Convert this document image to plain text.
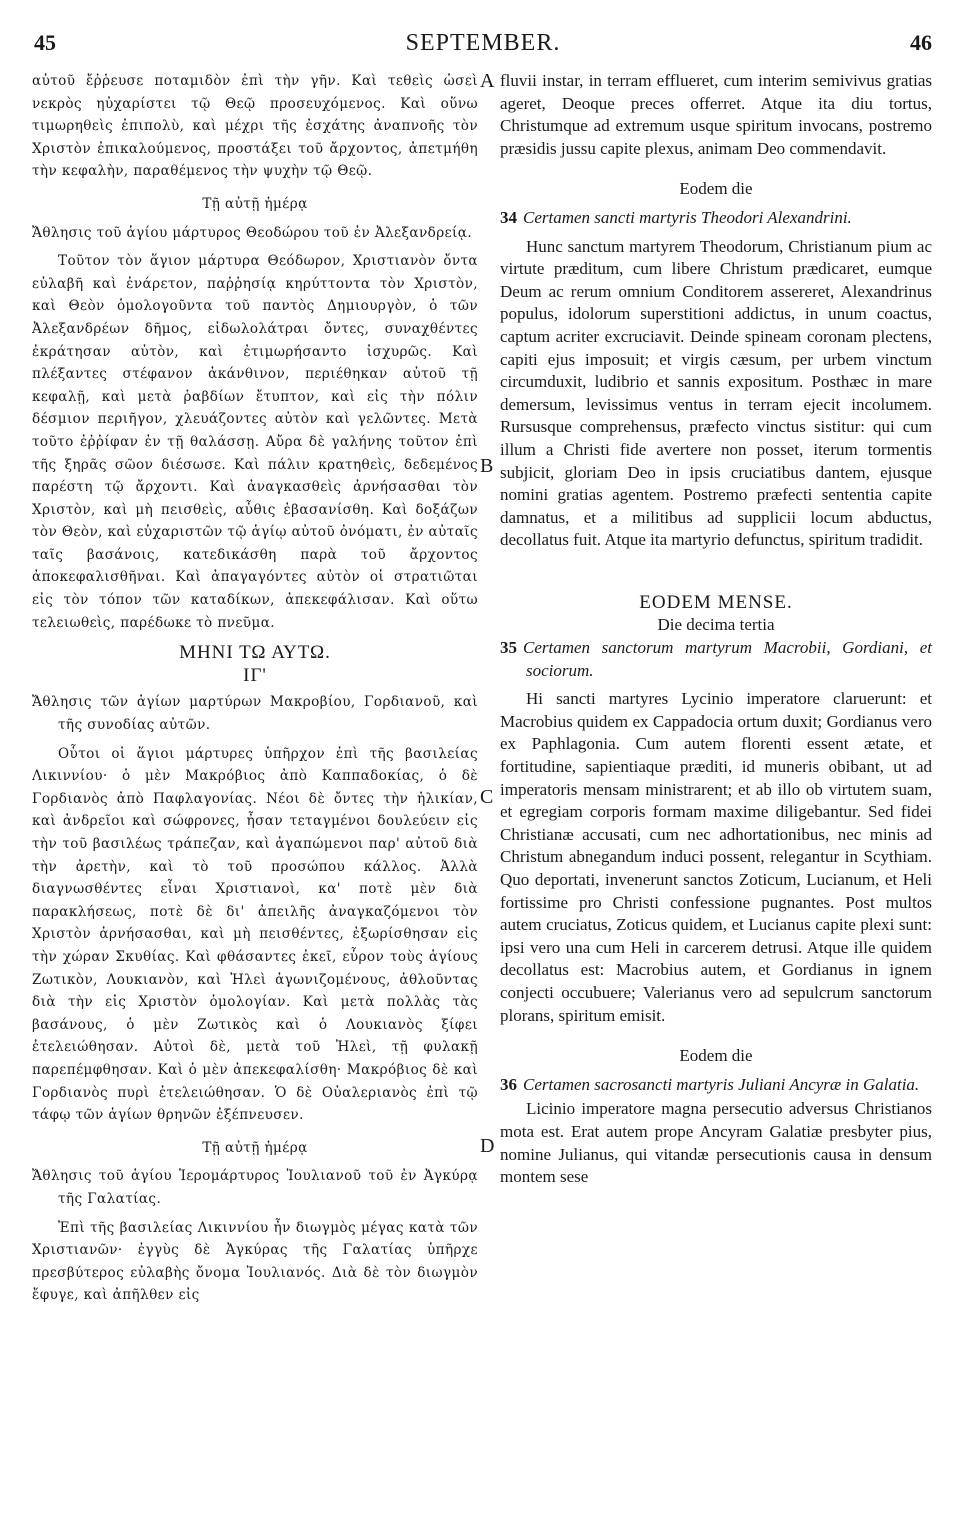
45	SEPTEMBER.	46
A
B
C
D

αὐτοῦ ἔῤῥευσε ποταμιδὸν ἐπὶ τὴν γῆν. Καὶ τεθεὶς ὡσεὶ νεκρὸς ηὐχαρίστει τῷ Θεῷ προσευχόμενος. Καὶ οὕνω τιμωρηθεὶς ἐπιπολὺ, καὶ μέχρι τῆς ἐσχάτης ἀναπνοῆς τὸν Χριστὸν ἐπικαλούμενος, προστάξει τοῦ ἄρχοντος, ἀπετμήθη τὴν κεφαλὴν, παραθέμενος τὴν ψυχὴν τῷ Θεῷ.

Τῇ αὐτῇ ἡμέρᾳ

Ἄθλησις τοῦ ἁγίου μάρτυρος Θεοδώρου τοῦ ἐν Ἀλεξανδρείᾳ.

Τοῦτον τὸν ἅγιον μάρτυρα Θεόδωρον, Χριστιανὸν ὄντα εὐλαβῆ καὶ ἐνάρετον, παῤῥησίᾳ κηρύττοντα τὸν Χριστὸν, καὶ Θεὸν ὁμολογοῦντα τοῦ παντὸς Δημιουργὸν, ὁ τῶν Ἀλεξανδρέων δῆμος, εἰδωλολάτραι ὄντες, συναχθέντες ἐκράτησαν αὐτὸν, καὶ ἐτιμωρήσαντο ἰσχυρῶς. Καὶ πλέξαντες στέφανον ἀκάνθινον, περιέθηκαν αὐτοῦ τῇ κεφαλῇ, καὶ μετὰ ῥαβδίων ἔτυπτον, καὶ εἰς τὴν πόλιν δέσμιον περιῆγον, χλευάζοντες αὐτὸν καὶ γελῶντες. Μετὰ τοῦτο ἐῤῥίφαν ἐν τῇ θαλάσσῃ. Αὔρα δὲ γαλήνης τοῦτον ἐπὶ τῆς ξηρᾶς σῶον διέσωσε. Καὶ πάλιν κρατηθεὶς, δεδεμένος παρέστη τῷ ἄρχοντι. Καὶ ἀναγκασθεὶς ἀρνήσασθαι τὸν Χριστὸν, καὶ μὴ πεισθεὶς, αὖθις ἐβασανίσθη. Καὶ δοξάζων τὸν Θεὸν, καὶ εὐχαριστῶν τῷ ἁγίῳ αὐτοῦ ὀνόματι, ἐν αὐταῖς ταῖς βασάνοις, κατεδικάσθη παρὰ τοῦ ἄρχοντος ἀποκεφαλισθῆναι. Καὶ ἀπαγαγόντες αὐτὸν οἱ στρατιῶται εἰς τὸν τόπον τῶν καταδίκων, ἀπεκεφάλισαν. Καὶ οὕτω τελειωθεὶς, παρέδωκε τὸ πνεῦμα.

ΜΗΝΙ ΤΩ ΑΥΤΩ.

ΙΓ'

Ἄθλησις τῶν ἁγίων μαρτύρων Μακροβίου, Γορδιανοῦ, καὶ τῆς συνοδίας αὐτῶν.

Οὗτοι οἱ ἅγιοι μάρτυρες ὑπῆρχον ἐπὶ τῆς βασιλείας Λικιννίου· ὁ μὲν Μακρόβιος ἀπὸ Καππαδοκίας, ὁ δὲ Γορδιανὸς ἀπὸ Παφλαγονίας. Νέοι δὲ ὄντες τὴν ἡλικίαν, καὶ ἀνδρεῖοι καὶ σώφρονες, ἦσαν τεταγμένοι δουλεύειν εἰς τὴν τοῦ βασιλέως τράπεζαν, καὶ ἀγαπώμενοι παρ' αὐτοῦ διὰ τὴν ἀρετὴν, καὶ τὸ τοῦ προσώπου κάλλος. Ἀλλὰ διαγνωσθέντες εἶναι Χριστιανοὶ, κα' ποτὲ μὲν διὰ παρακλήσεως, ποτὲ δὲ δι' ἀπειλῆς ἀναγκαζόμενοι τὸν Χριστὸν ἀρνήσασθαι, καὶ μὴ πεισθέντες, ἐξωρίσθησαν εἰς τὴν χώραν Σκυθίας. Καὶ φθάσαντες ἐκεῖ, εὗρον τοὺς ἁγίους Ζωτικὸν, Λουκιανὸν, καὶ Ἠλεὶ ἀγωνιζομένους, ἀθλοῦντας διὰ τὴν εἰς Χριστὸν ὁμολογίαν. Καὶ μετὰ πολλὰς τὰς βασάνους, ὁ μὲν Ζωτικὸς καὶ ὁ Λουκιανὸς ξίφει ἐτελειώθησαν. Αὐτοὶ δὲ, μετὰ τοῦ Ἠλεὶ, τῇ φυλακῇ παρεπέμφθησαν. Καὶ ὁ μὲν ἀπεκεφαλίσθη· Μακρόβιος δὲ καὶ Γορδιανὸς πυρὶ ἐτελειώθησαν. Ὁ δὲ Οὐαλεριανὸς ἐπὶ τῷ τάφῳ τῶν ἁγίων θρηνῶν ἐξέπνευσεν.

Τῇ αὐτῇ ἡμέρᾳ

Ἄθλησις τοῦ ἁγίου Ἱερομάρτυρος Ἰουλιανοῦ τοῦ ἐν Ἀγκύρᾳ τῆς Γαλατίας.

Ἐπὶ τῆς βασιλείας Λικιννίου ἦν διωγμὸς μέγας κατὰ τῶν Χριστιανῶν· ἐγγὺς δὲ Ἀγκύρας τῆς Γαλατίας ὑπῆρχε πρεσβύτερος εὐλαβὴς ὄνομα Ἰουλιανός. Διὰ δὲ τὸν διωγμὸν ἔφυγε, καὶ ἀπῆλθεν εἰς

fluvii instar, in terram efflueret, cum interim semivivus gratias ageret, Deoque preces offerret. Atque ita diu tortus, Christumque ad extremum usque spiritum invocans, postremo præsidis jussu capite plexus, animam Deo commendavit.

Eodem die

34 Certamen sancti martyris Theodori Alexandrini.

Hunc sanctum martyrem Theodorum, Christianum pium ac virtute præditum, cum libere Christum prædicaret, eumque Deum ac rerum omnium Conditorem assereret, Alexandrinus populus, idolorum superstitioni addictus, in unum coactus, captum acriter excruciavit. Deinde spineam coronam plectens, capiti ejus imposuit; et virgis cæsum, per urbem vinctum circumduxit, ludibrio et sannis expositum. Posthæc in mare demersum, levissimus ventus in terram ejecit incolumem. Rursusque comprehensus, præfecto vinctus sistitur: qui cum illum a Christi fide avertere non posset, iterum tormentis subjicit, gloriam Deo in ipsis cruciatibus dantem, ejusque nomini gratias agentem. Postremo præfecti sententia capite damnatus, et a militibus ad supplicii locum abductus, decollatus fuit. Atque ita martyrio defunctus, spiritum tradidit.

EODEM MENSE.

Die decima tertia

35 Certamen sanctorum martyrum Macrobii, Gordiani, et sociorum.

Hi sancti martyres Lycinio imperatore claruerunt: et Macrobius quidem ex Cappadocia ortum duxit; Gordianus vero ex Paphlagonia. Cum autem florenti essent ætate, et fortitudine, sapientiaque præditi, id muneris obibant, ut ad imperatoris mensam ministrarent; et ab illo ob virtutem suam, et egregiam corporis formam maxime diligebantur. Sed fidei Christianæ accusati, cum nec adhortationibus, nec minis ad Christum abnegandum induci possent, relegantur in Scythiam. Quo deportati, invenerunt sanctos Zoticum, Lucianum, et Heli fortissime pro Christi confessione pugnantes. Post multos autem cruciatus, Zoticus quidem, et Lucianus capite plexi sunt: ipsi vero una cum Heli in carcerem detrusi. Atque ille quidem decollatus est: Macrobius autem, et Gordianus in ignem conjecti occubuere; Valerianus vero ad sepulcrum sanctorum plorans, spiritum emisit.

Eodem die

36 Certamen sacrosancti martyris Juliani Ancyræ in Galatia.

Licinio imperatore magna persecutio adversus Christianos mota est. Erat autem prope Ancyram Galatiæ presbyter pius, nomine Julianus, qui vitandæ persecutionis causa in densum montem sese
